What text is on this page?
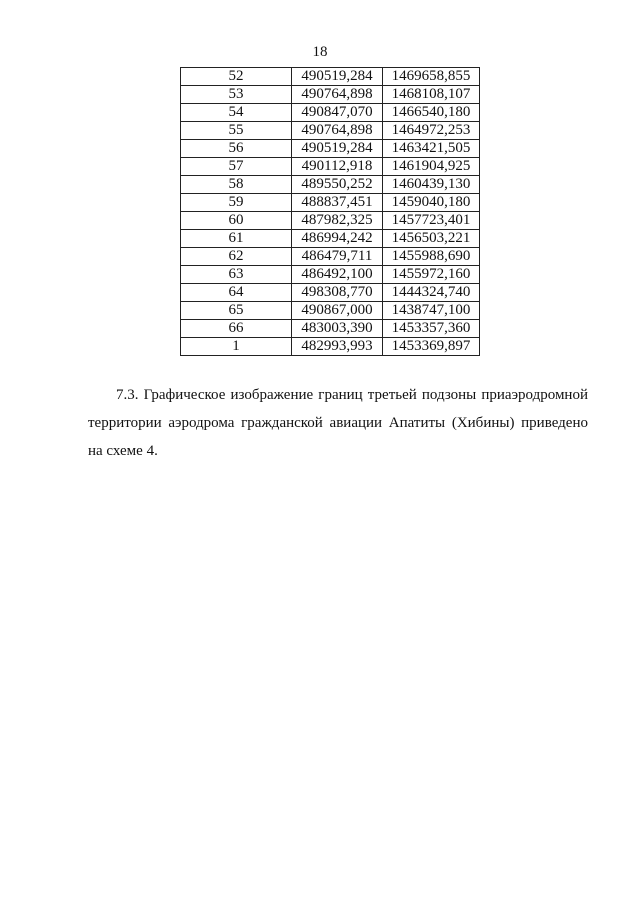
18
52	490519,284	1469658,855
53	490764,898	1468108,107
54	490847,070	1466540,180
55	490764,898	1464972,253
56	490519,284	1463421,505
57	490112,918	1461904,925
58	489550,252	1460439,130
59	488837,451	1459040,180
60	487982,325	1457723,401
61	486994,242	1456503,221
62	486479,711	1455988,690
63	486492,100	1455972,160
64	498308,770	1444324,740
65	490867,000	1438747,100
66	483003,390	1453357,360
1	482993,993	1453369,897
7.3. Графическое изображение границ третьей подзоны приаэродромной территории аэродрома гражданской авиации Апатиты (Хибины) приведено на схеме 4.
